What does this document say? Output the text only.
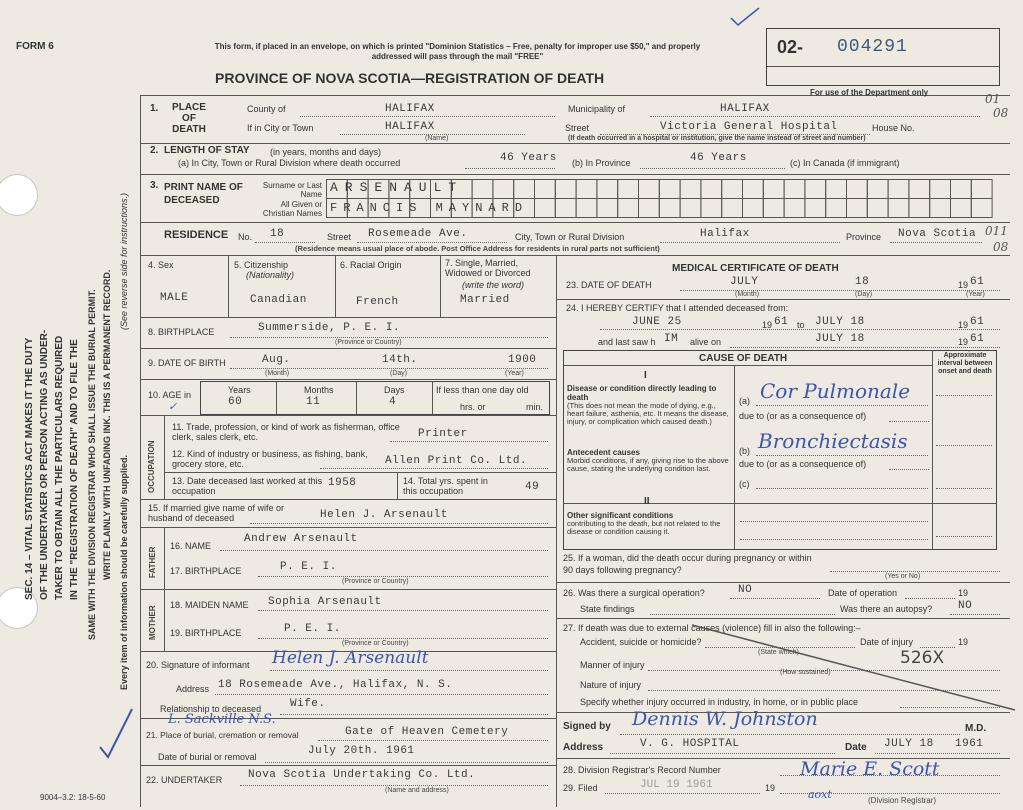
FORM 6
SEC. 14 – VITAL STATISTICS ACT MAKES IT THE DUTY OF THE UNDERTAKER OR PERSON ACTING AS UNDER- TAKER TO OBTAIN ALL THE PARTICULARS REQUIRED IN THE "REGISTRATION OF DEATH" AND TO FILE THE SAME WITH THE DIVISION REGISTRAR WHO SHALL ISSUE THE BURIAL PERMIT. WRITE PLAINLY WITH UNFADING INK. THIS IS A PERMANENT RECORD.
(See reverse side for instructions.)
Every item of information should be carefully supplied.
9004–3.2: 18-5-60
This form, if placed in an envelope, on which is printed "Dominion Statistics – Free, penalty for improper use $50," and properly addressed will pass through the mail "FREE"
PROVINCE OF NOVA SCOTIA—REGISTRATION OF DEATH
02- 004291
For use of the Department only	01
08
1.	PLACE OF DEATH
County of	HALIFAX	Municipality of	HALIFAX
If in City or Town	HALIFAX
(Name)
Street	Victoria General Hospital	House No.
(If death occurred in a hospital or institution, give the name instead of street and number)
2. LENGTH OF STAY (in years, months and days)
(a) In City, Town or Rural Division where death occurred	46 Years (b) In Province	46 Years	(c) In Canada (if immigrant)
3. PRINT NAME OF DECEASED
Surname or Last Name
All Given or Christian Names
ARSENAULT
FRANCIS MAYNARD
RESIDENCE No. 18	Street Rosemeade Ave.	City, Town or Rural Division	Halifax	Province Nova Scotia 011
08
(Residence means usual place of abode. Post Office Address for residents in rural parts not sufficient)
4. Sex
MALE
5. Citizenship
(Nationality)
Canadian
6. Racial Origin
French
7. Single, Married, Widowed or Divorced
(write the word)
Married
8. BIRTHPLACE	Summerside, P. E. I.
(Province or Country)
9. DATE OF BIRTH	Aug.	14th.	1900
(Month)	(Day)	(Year)
10. AGE in
✓
Years	Months	Days
60	11	4
If less than one day old
hrs. or	min.
OCCUPATION
11. Trade, profession, or kind of work as fisherman, office clerk, sales clerk, etc.	Printer
12. Kind of industry or business, as fishing, bank, grocery store, etc.	Allen Print Co. Ltd.
13. Date deceased last worked at this occupation
1958	14. Total yrs. spent in this occupation	49
15. If married give name of wife or husband of deceased	Helen J. Arsenault
FATHER
16. NAME
Andrew Arsenault
17. BIRTHPLACE	P. E. I.
(Province or Country)
MOTHER
18. MAIDEN NAME Sophia Arsenault
19. BIRTHPLACE	P. E. I.
(Province or Country)
20. Signature of informant Helen J. Arsenault
Address 18 Rosemeade Ave., Halifax, N. S.
Relationship to deceased	Wife.
L. Sackville N.S.
21. Place of burial, cremation or removal	Gate of Heaven Cemetery
Date of burial or removal	July 20th. 1961
22. UNDERTAKER Nova Scotia Undertaking Co. Ltd.
(Name and address)
MEDICAL CERTIFICATE OF DEATH
23. DATE OF DEATH	JULY	18	19 61
(Month)	(Day)	(Year)
24. I HEREBY CERTIFY that I attended deceased from:
JUNE 25	19 61 to JULY 18	19 61
and last saw h IM alive on	JULY 18	19 61
CAUSE OF DEATH	Approximate interval between onset and death
I
Disease or condition directly leading to death
(This does not mean the mode of dying, e.g., heart failure, asthenia, etc. It means the disease, injury, or complication which caused death.)
(a) Cor Pulmonale
due to (or as a consequence of)
Antecedent causes
Morbid conditions, if any, giving rise to the above cause, stating the underlying condition last.
(b) Bronchiectasis
due to (or as a consequence of)
(c)
II
Other significant conditions
contributing to the death, but not related to the disease or condition causing it.
25. If a woman, did the death occur during pregnancy or within 90 days following pregnancy?
(Yes or No)
26. Was there a surgical operation?	NO	Date of operation	19
State findings	Was there an autopsy? NO
27. If death was due to external causes (violence) fill in also the following:–
Accident, suicide or homicide?
(State which)
Date of injury	19
Manner of injury	526X
(How sustained)
Nature of injury
Specify whether injury occurred in industry, in home, or in public place
Signed by Dennis W. Johnston	M.D.
Address	V. G. HOSPITAL	Date JULY 18 1961
28. Division Registrar's Record Number
29. Filed	JUL 19 1961	19
Marie E. Scott
aoxt	(Division Registrar)
